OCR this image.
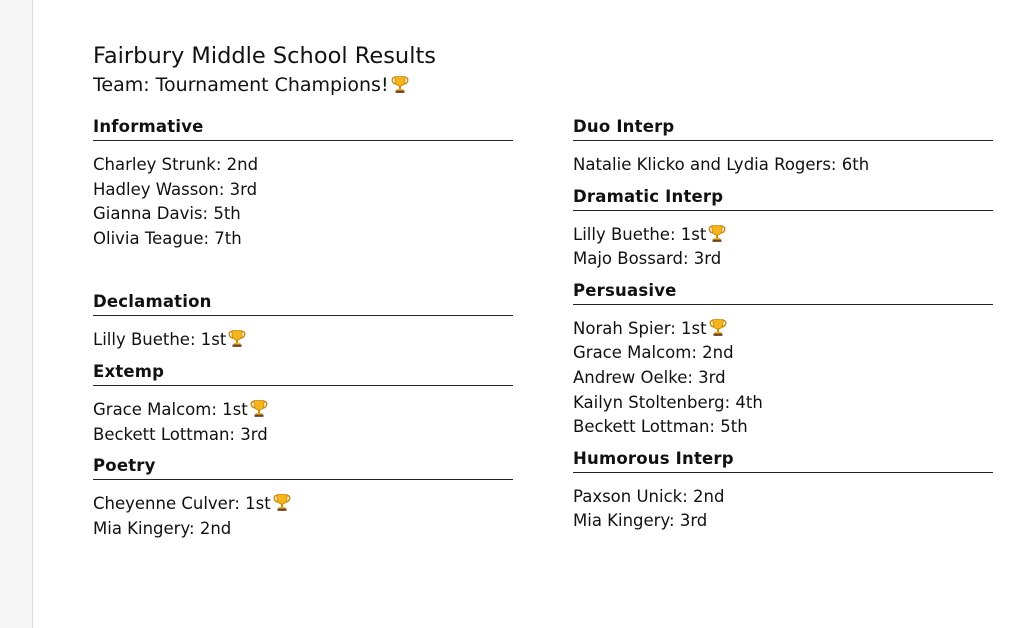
Fairbury Middle School Results
Team: Tournament Champions!
Informative
Charley Strunk: 2nd
Hadley Wasson: 3rd
Gianna Davis: 5th
Olivia Teague: 7th
Declamation
Lilly Buethe: 1st
Extemp
Grace Malcom: 1st
Beckett Lottman: 3rd
Poetry
Cheyenne Culver: 1st
Mia Kingery: 2nd
Duo Interp
Natalie Klicko and Lydia Rogers: 6th
Dramatic Interp
Lilly Buethe: 1st
Majo Bossard: 3rd
Persuasive
Norah Spier: 1st
Grace Malcom: 2nd
Andrew Oelke: 3rd
Kailyn Stoltenberg: 4th
Beckett Lottman: 5th
Humorous Interp
Paxson Unick: 2nd
Mia Kingery: 3rd
